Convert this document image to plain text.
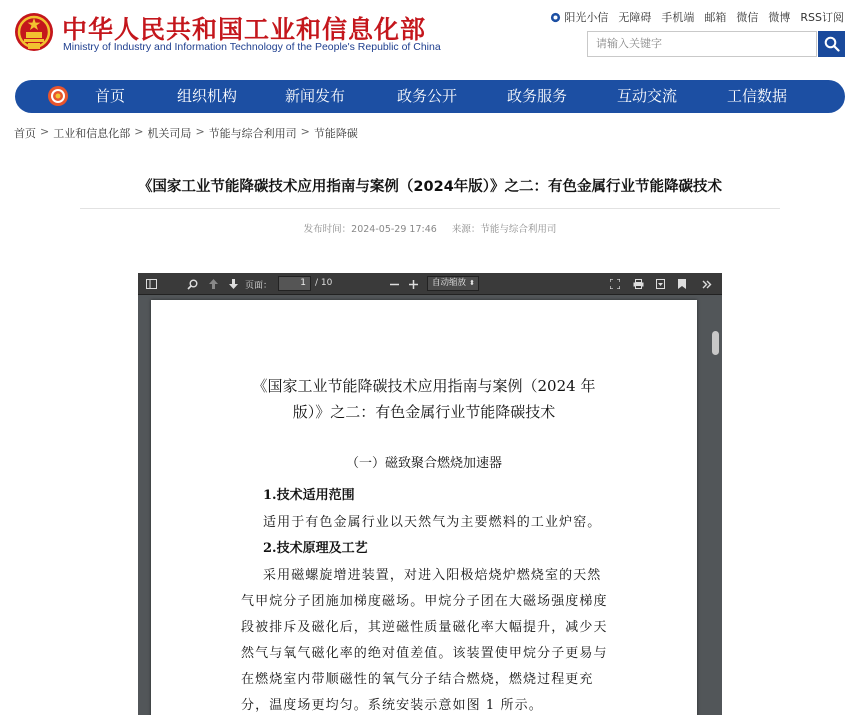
中华人民共和国工业和信息化部
Ministry of Industry and Information Technology of the People's Republic of China
阳光小信 无障碍 手机端 邮箱 微信 微博 RSS订阅
请输入关键字
首页	组织机构	新闻发布	政务公开	政务服务	互动交流	工信数据
首页 > 工业和信息化部 > 机关司局 > 节能与综合利用司 > 节能降碳
《国家工业节能降碳技术应用指南与案例（2024年版）》之二：有色金属行业节能降碳技术
发布时间：2024-05-29 17:46 来源：节能与综合利用司
页面：	1	/ 10	自动缩放 ⬍
《国家工业节能降碳技术应用指南与案例（2024 年
版）》之二：有色金属行业节能降碳技术
（一）磁致聚合燃烧加速器
1.技术适用范围
适用于有色金属行业以天然气为主要燃料的工业炉窑。
2.技术原理及工艺
采用磁螺旋增进装置，对进入阳极焙烧炉燃烧室的天然
气甲烷分子团施加梯度磁场。甲烷分子团在大磁场强度梯度
段被排斥及磁化后，其逆磁性质量磁化率大幅提升，减少天
然气与氧气磁化率的绝对值差值。该装置使甲烷分子更易与
在燃烧室内带顺磁性的氧气分子结合燃烧，燃烧过程更充
分，温度场更均匀。系统安装示意如图 1 所示。
